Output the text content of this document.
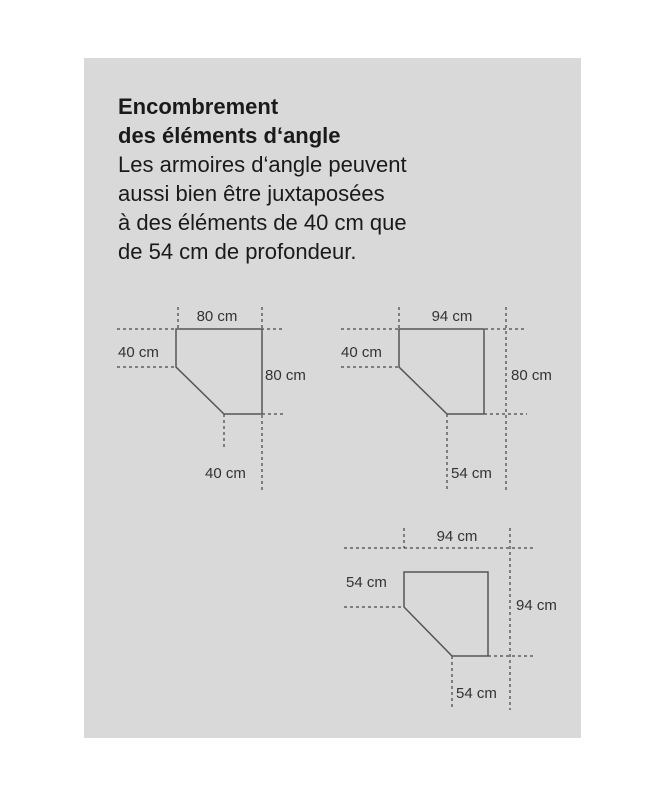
Encombrement

des éléments d‘angle

Les armoires d‘angle peuvent

aussi bien être juxtaposées

à des éléments de 40 cm que

de 54 cm de profondeur.

80 cm
40 cm
80 cm
40 cm
94 cm
40 cm
80 cm
54 cm
94 cm
54 cm
94 cm
54 cm
